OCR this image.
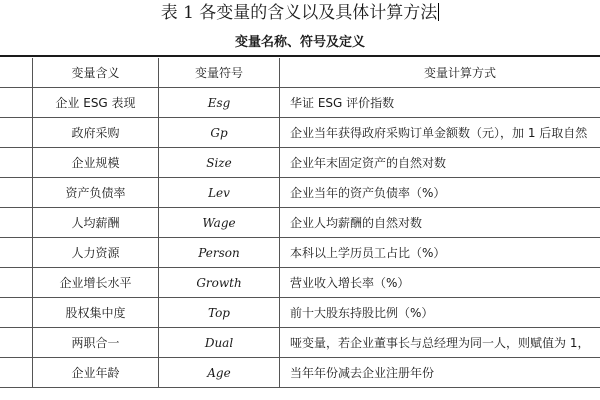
表 1 各变量的含义以及具体计算方法
变量名称、符号及定义
	变量含义	变量符号	变量计算方式
	企业 ESG 表现	Esg	华证 ESG 评价指数
	政府采购	Gp	企业当年获得政府采购订单金额数（元），加 1 后取自然
	企业规模	Size	企业年末固定资产的自然对数
	资产负债率	Lev	企业当年的资产负债率（%）
	人均薪酬	Wage	企业人均薪酬的自然对数
	人力资源	Person	本科以上学历员工占比（%）
	企业增长水平	Growth	营业收入增长率（%）
	股权集中度	Top	前十大股东持股比例（%）
	两职合一	Dual	哑变量，若企业董事长与总经理为同一人，则赋值为 1，
	企业年龄	Age	当年年份减去企业注册年份
